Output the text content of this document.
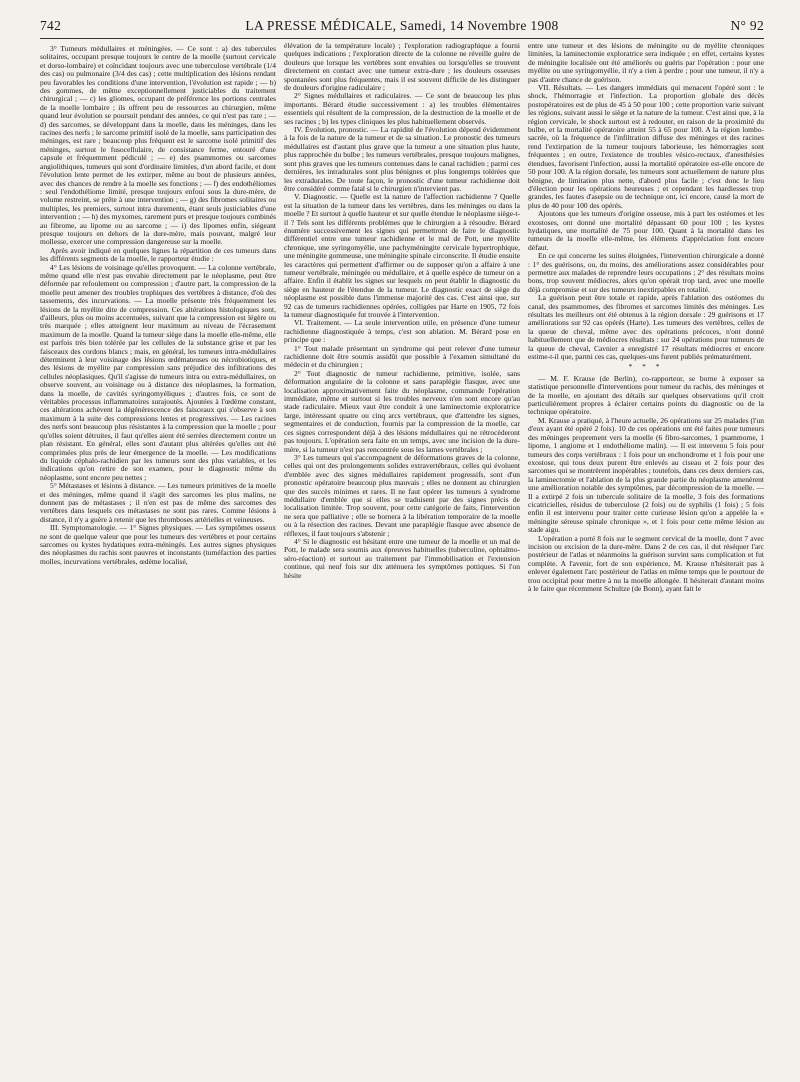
742	LA PRESSE MÉDICALE, Samedi, 14 Novembre 1908	N° 92

3° Tumeurs médullaires et méningées. — Ce sont : a) des tubercules solitaires, occupant presque toujours le centre de la moelle (surtout cervicale et dorso-lombaire) et coïncidant toujours avec une tuberculose vertébrale (1/4 des cas) ou pulmonaire (3/4 des cas) ; cette multiplication des lésions rendant peu favorables les conditions d'une intervention, l'évolution est rapide ; — b) des gommes, de même exceptionnellement justiciables du traitement chirurgical ; — c) les gliomes, occupant de préférence les portions centrales de la moelle lombaire ; ils offrent peu de ressources au chirurgien, même quand leur évolution se poursuit pendant des années, ce qui n'est pas rare ; — d) des sarcomes, se développant dans la moelle, dans les méninges, dans les racines des nerfs ; le sarcome primitif isolé de la moelle, sans participation des méninges, est rare ; beaucoup plus fréquent est le sarcome isolé primitif des méninges, surtout le fusocellulaire, de consistance ferme, entouré d'une capsule et fréquemment pédiculé ; — e) des psammomes ou sarcomes angiolithiques, tumeurs qui sont d'ordinaire limitées, d'un abord facile, et dont l'évolution lente permet de les extirper, même au bout de plusieurs années, avec des chances de rendre à la moelle ses fonctions ; — f) des endothéliomes : seul l'endothéliome limité, presque toujours enfoui sous la dure-mère, de volume restreint, se prête à une intervention ; — g) des fibromes solitaires ou multiples, les premiers, surtout intra durements, étant seuls justiciables d'une intervention ; — h) des myxomes, rarement purs et presque toujours combinés au fibrome, au lipome ou au sarcome ; — i) des lipomes enfin, siégeant presque toujours en dehors de la dure-mère, mais pouvant, malgré leur mollesse, exercer une compression dangereuse sur la moelle.

Après avoir indiqué en quelques lignes la répartition de ces tumeurs dans les différents segments de la moelle, le rapporteur étudie :

4° Les lésions de voisinage qu'elles provoquent. — La colonne vertébrale, même quand elle n'est pas envahie directement par le néoplasme, peut être déformée par refoulement ou compression ; d'autre part, la compression de la moelle peut amener des troubles trophiques des vertèbres à distance, d'où des tassements, des incurvations. — La moelle présente très fréquemment les lésions de la myélite dite de compression. Ces altérations histologiques sont, d'ailleurs, plus ou moins accentuées, suivant que la compression est légère ou très marquée ; elles atteignent leur maximum au niveau de l'écrasement maximum de la moelle. Quand la tumeur siège dans la moelle elle-même, elle est parfois très bien tolérée par les cellules de la substance grise et par les faisceaux des cordons blancs ; mais, en général, les tumeurs intra-médullaires déterminent à leur voisinage des lésions œdémateuses ou nécrobiotiques, et des lésions de myélite par compression sans préjudice des infiltrations des cellules néoplasiques. Qu'il s'agisse de tumeurs intra ou extra-médullaires, on observe souvent, au voisinage ou à distance des néoplasmes, la formation, dans la moelle, de cavités syringomyéliques ; d'autres fois, ce sont de véritables processus inflammatoires surajoutés. Ajoutées à l'œdème constant, ces altérations achèvent la dégénérescence des faisceaux qui s'observe à son maximum à la suite des compressions lentes et progressives. — Les racines des nerfs sont beaucoup plus résistantes à la compression que la moelle ; pour qu'elles soient détruites, il faut qu'elles aient été serrées directement contre un plan résistant. En général, elles sont d'autant plus altérées qu'elles ont été comprimées plus près de leur émergence de la moelle. — Les modifications du liquide céphalo-rachidien par les tumeurs sont des plus variables, et les indications qu'on retire de son examen, pour le diagnostic même du néoplasme, sont encore peu nettes ;

5° Métastases et lésions à distance. — Les tumeurs primitives de la moelle et des méninges, même quand il s'agit des sarcomes les plus malins, ne donnent pas de métastases ; il n'en est pas de même des sarcomes des vertèbres dans lesquels ces métastases ne sont pas rares. Comme lésions à distance, il n'y a guère à retenir que les thromboses artérielles et veineuses.

III. Symptomatologie. — 1° Signes physiques. — Les symptômes osseux ne sont de quelque valeur que pour les tumeurs des vertèbres et pour certains sarcomes ou kystes hydatiques extra-méningés. Les autres signes physiques des néoplasmes du rachis sont pauvres et inconstants (tuméfaction des parties molles, incurvations vertébrales, œdème localisé,

élévation de la température locale) ; l'exploration radiographique a fourni quelques indications ; l'exploration directe de la colonne ne réveille guère de douleurs que lorsque les vertèbres sont envahies ou lorsqu'elles se trouvent directement en contact avec une tumeur extra-dure ; les douleurs osseuses spontanées sont plus fréquentes, mais il est souvent difficile de les distinguer de douleurs d'origine radiculaire ;

2° Signes médullaires et radiculaires. — Ce sont de beaucoup les plus importants. Bérard étudie successivement : a) les troubles élémentaires essentiels qui résultent de la compression, de la destruction de la moelle et de ses racines ; b) les types cliniques les plus habituellement observés.

IV. Évolution, pronostic. — La rapidité de l'évolution dépend évidemment à la fois de la nature de la tumeur et de sa situation. Le pronostic des tumeurs médullaires est d'autant plus grave que la tumeur a une situation plus haute, plus rapprochée du bulbe ; les tumeurs vertébrales, presque toujours malignes, sont plus graves que les tumeurs contenues dans le canal rachidien ; parmi ces dernières, les intradurales sont plus bénignes et plus longtemps tolérées que les extradurales. De toute façon, le pronostic d'une tumeur rachidienne doit être considéré comme fatal si le chirurgien n'intervient pas.

V. Diagnostic. — Quelle est la nature de l'affection rachidienne ? Quelle est la situation de la tumeur dans les vertèbres, dans les méninges ou dans la moelle ? Et surtout à quelle hauteur et sur quelle étendue le néoplasme siège-t-il ? Tels sont les différents problèmes que le chirurgien a à résoudre. Bérard énumère successivement les signes qui permettront de faire le diagnostic différentiel entre une tumeur rachidienne et le mal de Pott, une myélite chronique, une syringomyélie, une pachyméningite cervicale hypertrophique, une méningite gommeuse, une méningite spinale circonscrite. Il étudie ensuite les caractères qui permettent d'affirmer ou de supposer qu'on a affaire à une tumeur vertébrale, méningée ou médullaire, et à quelle espèce de tumeur on a affaire. Enfin il établit les signes sur lesquels on peut établir le diagnostic du siège en hauteur de l'étendue de la tumeur. Le diagnostic exact de siège du néoplasme est possible dans l'immense majorité des cas. C'est ainsi que, sur 92 cas de tumeurs rachidiennes opérées, colligées par Harte en 1905, 72 fois la tumeur diagnostiquée fut trouvée à l'intervention.

VI. Traitement. — La seule intervention utile, en présence d'une tumeur rachidienne diagnostiquée à temps, c'est son ablation. M. Bérard pose en principe que :

1° Tout malade présentant un syndrome qui peut relever d'une tumeur rachidienne doit être soumis assidût que possible à l'examen simultané du médecin et du chirurgien ;

2° Tout diagnostic de tumeur rachidienne, primitive, isolée, sans déformation angulaire de la colonne et sans paraplégie flasque, avec une localisation approximativement faite du néoplasme, commande l'opération immédiate, même et surtout si les troubles nerveux n'en sont encore qu'au stade radiculaire. Mieux vaut être conduit à une laminectomie exploratrice large, intéressant quatre ou cinq arcs vertébraux, que d'attendre les signes, segmentaires et de conduction, fournis par la compression de la moelle, car ces signes correspondent déjà à des lésions médullaires qui ne rétrocèderont pas toujours. L'opération sera faite en un temps, avec une incision de la dure-mère, si la tumeur n'est pas rencontrée sous les lames vertébrales ;

3° Les tumeurs qui s'accompagnent de déformations graves de la colonne, celles qui ont des prolongements solides extravertébraux, celles qui évoluent d'emblée avec des signes médullaires rapidement progressifs, sont d'un pronostic opératoire beaucoup plus mauvais ; elles ne donnent au chirurgien que des succès minimes et rares. Il ne faut opérer les tumeurs à syndrome médullaire d'emblée que si elles se traduisent par des signes précis de localisation limitée. Trop souvent, pour cette catégorie de faits, l'intervention ne sera que palliative ; elle se bornera à la libération temporaire de la moelle ou à la résection des racines. Devant une paraplégie flasque avec absence de réflexes, il faut toujours s'abstenir ;

4° Si le diagnostic est hésitant entre une tumeur de la moelle et un mal de Pott, le malade sera soumis aux épreuves habituelles (tuberculine, ophtalmo-séro-réaction) et surtout au traitement par l'immobilisation et l'extension continue, qui neuf fois sur dix atténuera les symptômes pottiques. Si l'on hésite

entre une tumeur et des lésions de méningite ou de myélite chroniques limitées, la laminectomie exploratrice sera indiquée ; en effet, certains kystes de méningite localisée ont été améliorés ou guéris par l'opération : pour une myélite ou une syringomyélie, il n'y a rien à perdre ; pour une tumeur, il n'y a pas d'autre chance de guérison.

VII. Résultats. — Les dangers immédiats qui menacent l'opéré sont : le shock, l'hémorragie et l'infection. La proportion globale des décès postopératoires est de plus de 45 à 50 pour 100 ; cette proportion varie suivant les régions, suivant aussi le siège et la nature de la tumeur. C'est ainsi que, à la région cervicale, le shock surtout est à redouter, en raison de la proximité du bulbe, et la mortalité opératoire atteint 55 à 65 pour 100. A la région lombo-sacrée, où la fréquence de l'infiltration diffuse des méninges et des racines rend l'extirpation de la tumeur toujours laborieuse, les hémorragies sont fréquentes ; en outre, l'existence de troubles vésico-rectaux, d'anesthésies étendues, favorisent l'infection, aussi la mortalité opératoire est-elle encore de 50 pour 100. A la région dorsale, les tumeurs sont actuellement de nature plus bénigne, de limitation plus nette, d'abord plus facile ; c'est donc le lieu d'élection pour les opérations heureuses ; et cependant les hardiesses trop grandes, les fautes d'asepsie ou de technique ont, ici encore, causé la mort de plus de 40 pour 100 des opérés.

Ajoutons que les tumeurs d'origine osseuse, mis à part les ostéomes et les exostoses, ont donné une mortalité dépassant 60 pour 100 ; les kystes hydatiques, une mortalité de 75 pour 100. Quant à la mortalité dans les tumeurs de la moelle elle-même, les éléments d'appréciation font encore défaut.

En ce qui concerne les suites éloignées, l'intervention chirurgicale a donné : 1° des guérisons, ou, du moins, des améliorations assez considérables pour permettre aux malades de reprendre leurs occupations ; 2° des résultats moins bons, trop souvent médiocres, alors qu'on opérait trop tard, avec une moelle déjà compromise et sur des tumeurs inextirpables en totalité.

La guérison peut être totale et rapide, après l'ablation des ostéomes du canal, des psammomes, des fibromes et sarcomes limités des méninges. Les résultats les meilleurs ont été obtenus à la région dorsale : 29 guérisons et 17 améliorations sur 92 cas opérés (Harte). Les tumeurs des vertèbres, celles de la queue de cheval, même avec des opérations précoces, n'ont donné habituellement que de médiocres résultats : sur 24 opérations pour tumeurs de la queue de cheval, Cavnier a enregistré 17 résultats médiocres et encore estime-t-il que, parmi ces cas, quelques-uns furent publiés prématurément.

* * *

— M. F. Krause (de Berlin), co-rapporteur, se borne à exposer sa statistique personnelle d'interventions pour tumeur du rachis, des méninges et de la moelle, en ajoutant des détails sur quelques observations qu'il croit particulièrement propres à éclairer certains points du diagnostic ou de la technique opératoire.

M. Krause a pratiqué, à l'heure actuelle, 26 opérations sur 25 malades (l'un d'eux ayant été opéré 2 fois). 10 de ces opérations ont été faites pour tumeurs des méninges proprement vers la moelle (6 fibro-sarcomes, 1 psammome, 1 lipome, 1 angiome et 1 endothéliome malin). — Il est intervenu 5 fois pour tumeurs des corps vertébraux : 1 fois pour un enchondrome et 1 fois pour une exostose, qui tous deux purent être enlevés au ciseau et 2 fois pour des sarcomes qui se montrèrent inopérables ; toutefois, dans ces deux derniers cas, la laminectomie et l'ablation de la plus grande partie du néoplasme amenèrent une amélioration notable des symptômes, par décompression de la moelle. — Il a extirpé 2 fois un tubercule solitaire de la moelle, 3 fois des formations cicatricielles, résidus de tuberculose (2 fois) ou de syphilis (1 fois) ; 5 fois enfin il est intervenu pour traiter cette curieuse lésion qu'on a appelée la « méningite séreuse spinale chronique », et 1 fois pour cette même lésion au stade aigu.

L'opération a porté 8 fois sur le segment cervical de la moelle, dont 7 avec incision ou excision de la dure-mère. Dans 2 de ces cas, il dut réséquer l'arc postérieur de l'atlas et néanmoins la guérison survint sans complication et fut complète. A l'avenir, fort de son expérience, M. Krause n'hésiterait pas à enlever également l'arc postérieur de l'atlas en même temps que le pourtour de trou occipital pour mettre à nu la moelle allongée. Il hésiterait d'autant moins à le faire que récemment Schultze (de Bonn), ayant fait le
